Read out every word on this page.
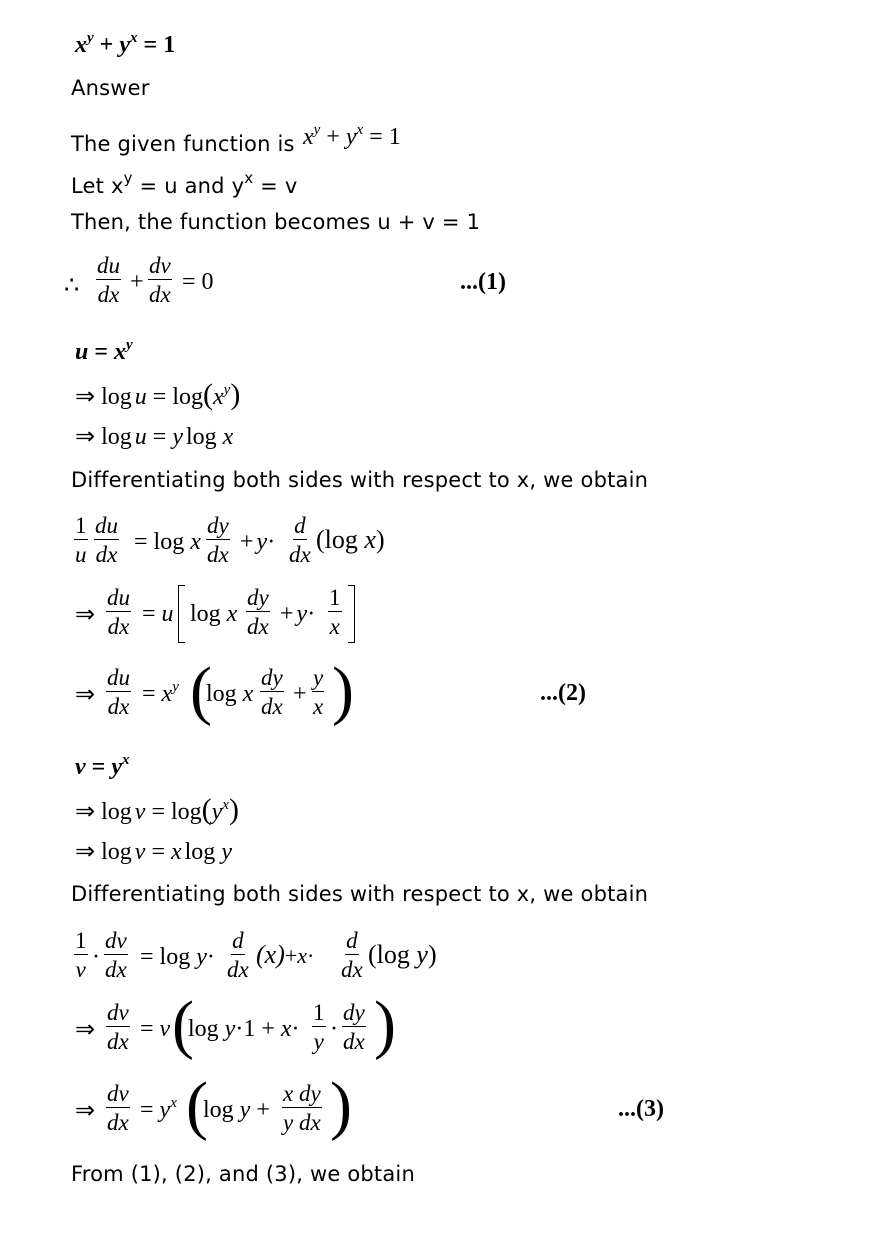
$x^y + y^x = 1$
Answer
The given function is $x^y + y^x = 1$
Let $x^y = u$ and $y^x = v$
Then, the function becomes u + v = 1
∴ $\frac{du}{dx} + \frac{dv}{dx} = 0$	...(1)
$u = x^y$
⇒ $\log u = \log(x^y)$
⇒ log u = y log x
Differentiating both sides with respect to x, we obtain
$\frac{1}{u} \frac{du}{dx} = \log x \frac{dy}{dx} + y\cdot \frac{d}{dx} (\log$ x)
⇒ $\frac{du}{dx} = u$ log x $\frac{dy}{dx} + y\cdot \frac{1}{x}$
⇒ $\frac{du}{dx} = x^y$ (
log x $\frac{dy}{dx} + \frac{y}{x}$ )	...(2)
$v = y^x$
⇒ $\log v = \log(y^x)$
⇒ log v = x log y
Differentiating both sides with respect to x, we obtain
$\frac{1}{v} \cdot \frac{dv}{dx} = \log y\cdot \frac{d}{dx} (x)+x\cdot \frac{d}{dx} (\log$ y)
⇒ $\frac{dv}{dx} = v$ (
$\log y\cdot 1 + x\cdot \frac{1}{y} \cdot \frac{dy}{dx}$ )
⇒ $\frac{dv}{dx} = y^x$ (
$\log y + \frac{\text{x dy}}{\text{y dx}}$ )	...(3)
From (1), (2), and (3), we obtain
